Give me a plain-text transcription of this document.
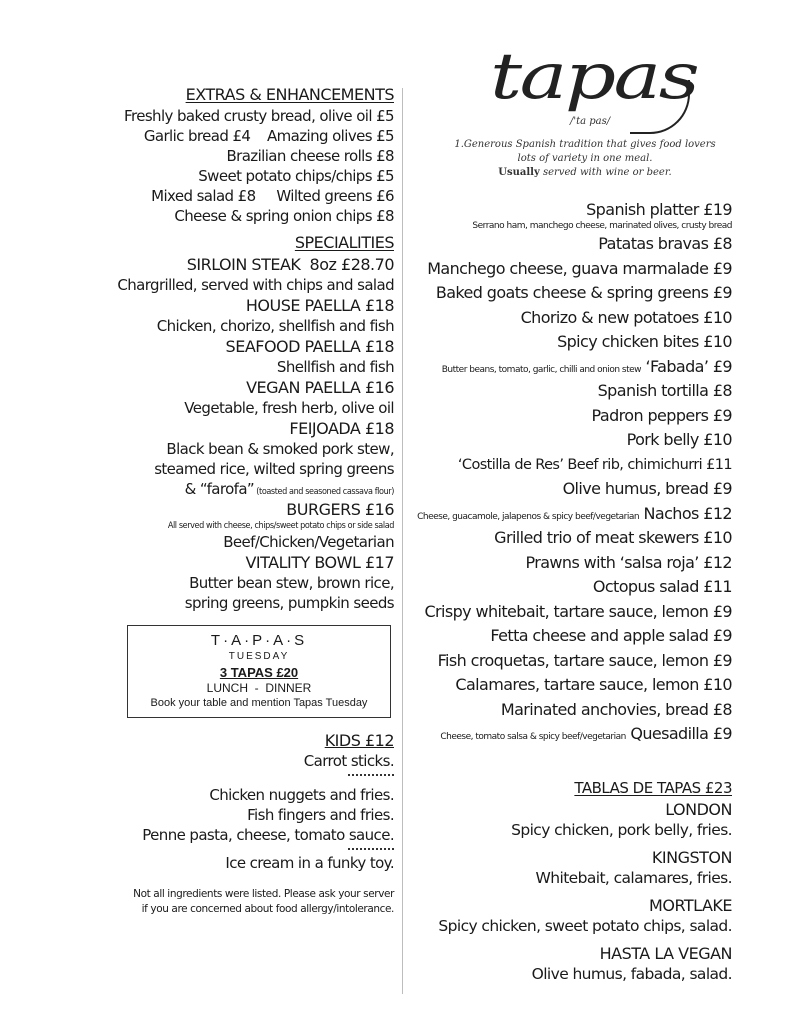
tapas
/'ta pas/
1.Generous Spanish tradition that gives food lovers
lots of variety in one meal.
Usually served with wine or beer.
EXTRAS & ENHANCEMENTS
Freshly baked crusty bread, olive oil £5
Garlic bread £4    Amazing olives £5
Brazilian cheese rolls £8
Sweet potato chips/chips £5
Mixed salad £8     Wilted greens £6
Cheese & spring onion chips £8
SPECIALITIES
SIRLOIN STEAK  8oz £28.70
Chargrilled, served with chips and salad
HOUSE PAELLA £18
Chicken, chorizo, shellfish and fish
SEAFOOD PAELLA £18
Shellfish and fish
VEGAN PAELLA £16
Vegetable, fresh herb, olive oil
FEIJOADA £18
Black bean & smoked pork stew,
steamed rice, wilted spring greens
& “farofa” (toasted and seasoned cassava flour)
BURGERS £16
All served with cheese, chips/sweet potato chips or side salad
Beef/Chicken/Vegetarian
VITALITY BOWL £17
Butter bean stew, brown rice,
spring greens, pumpkin seeds
T·A·P·A·S
TUESDAY
3 TAPAS £20
LUNCH  -  DINNER
Book your table and mention Tapas Tuesday
KIDS £12
Carrot sticks.
Chicken nuggets and fries.
Fish fingers and fries.
Penne pasta, cheese, tomato sauce.
Ice cream in a funky toy.
Not all ingredients were listed. Please ask your server
if you are concerned about food allergy/intolerance.
Spanish platter £19
Serrano ham, manchego cheese, marinated olives, crusty bread
Patatas bravas £8
Manchego cheese, guava marmalade £9
Baked goats cheese & spring greens £9
Chorizo & new potatoes £10
Spicy chicken bites £10
Butter beans, tomato, garlic, chilli and onion stew ‘Fabada’ £9
Spanish tortilla £8
Padron peppers £9
Pork belly £10
‘Costilla de Res’ Beef rib, chimichurri £11
Olive humus, bread £9
Cheese, guacamole, jalapenos & spicy beef/vegetarian Nachos £12
Grilled trio of meat skewers £10
Prawns with ‘salsa roja’ £12
Octopus salad £11
Crispy whitebait, tartare sauce, lemon £9
Fetta cheese and apple salad £9
Fish croquetas, tartare sauce, lemon £9
Calamares, tartare sauce, lemon £10
Marinated anchovies, bread £8
Cheese, tomato salsa & spicy beef/vegetarian Quesadilla £9
TABLAS DE TAPAS £23
LONDON
Spicy chicken, pork belly, fries.
KINGSTON
Whitebait, calamares, fries.
MORTLAKE
Spicy chicken, sweet potato chips, salad.
HASTA LA VEGAN
Olive humus, fabada, salad.
